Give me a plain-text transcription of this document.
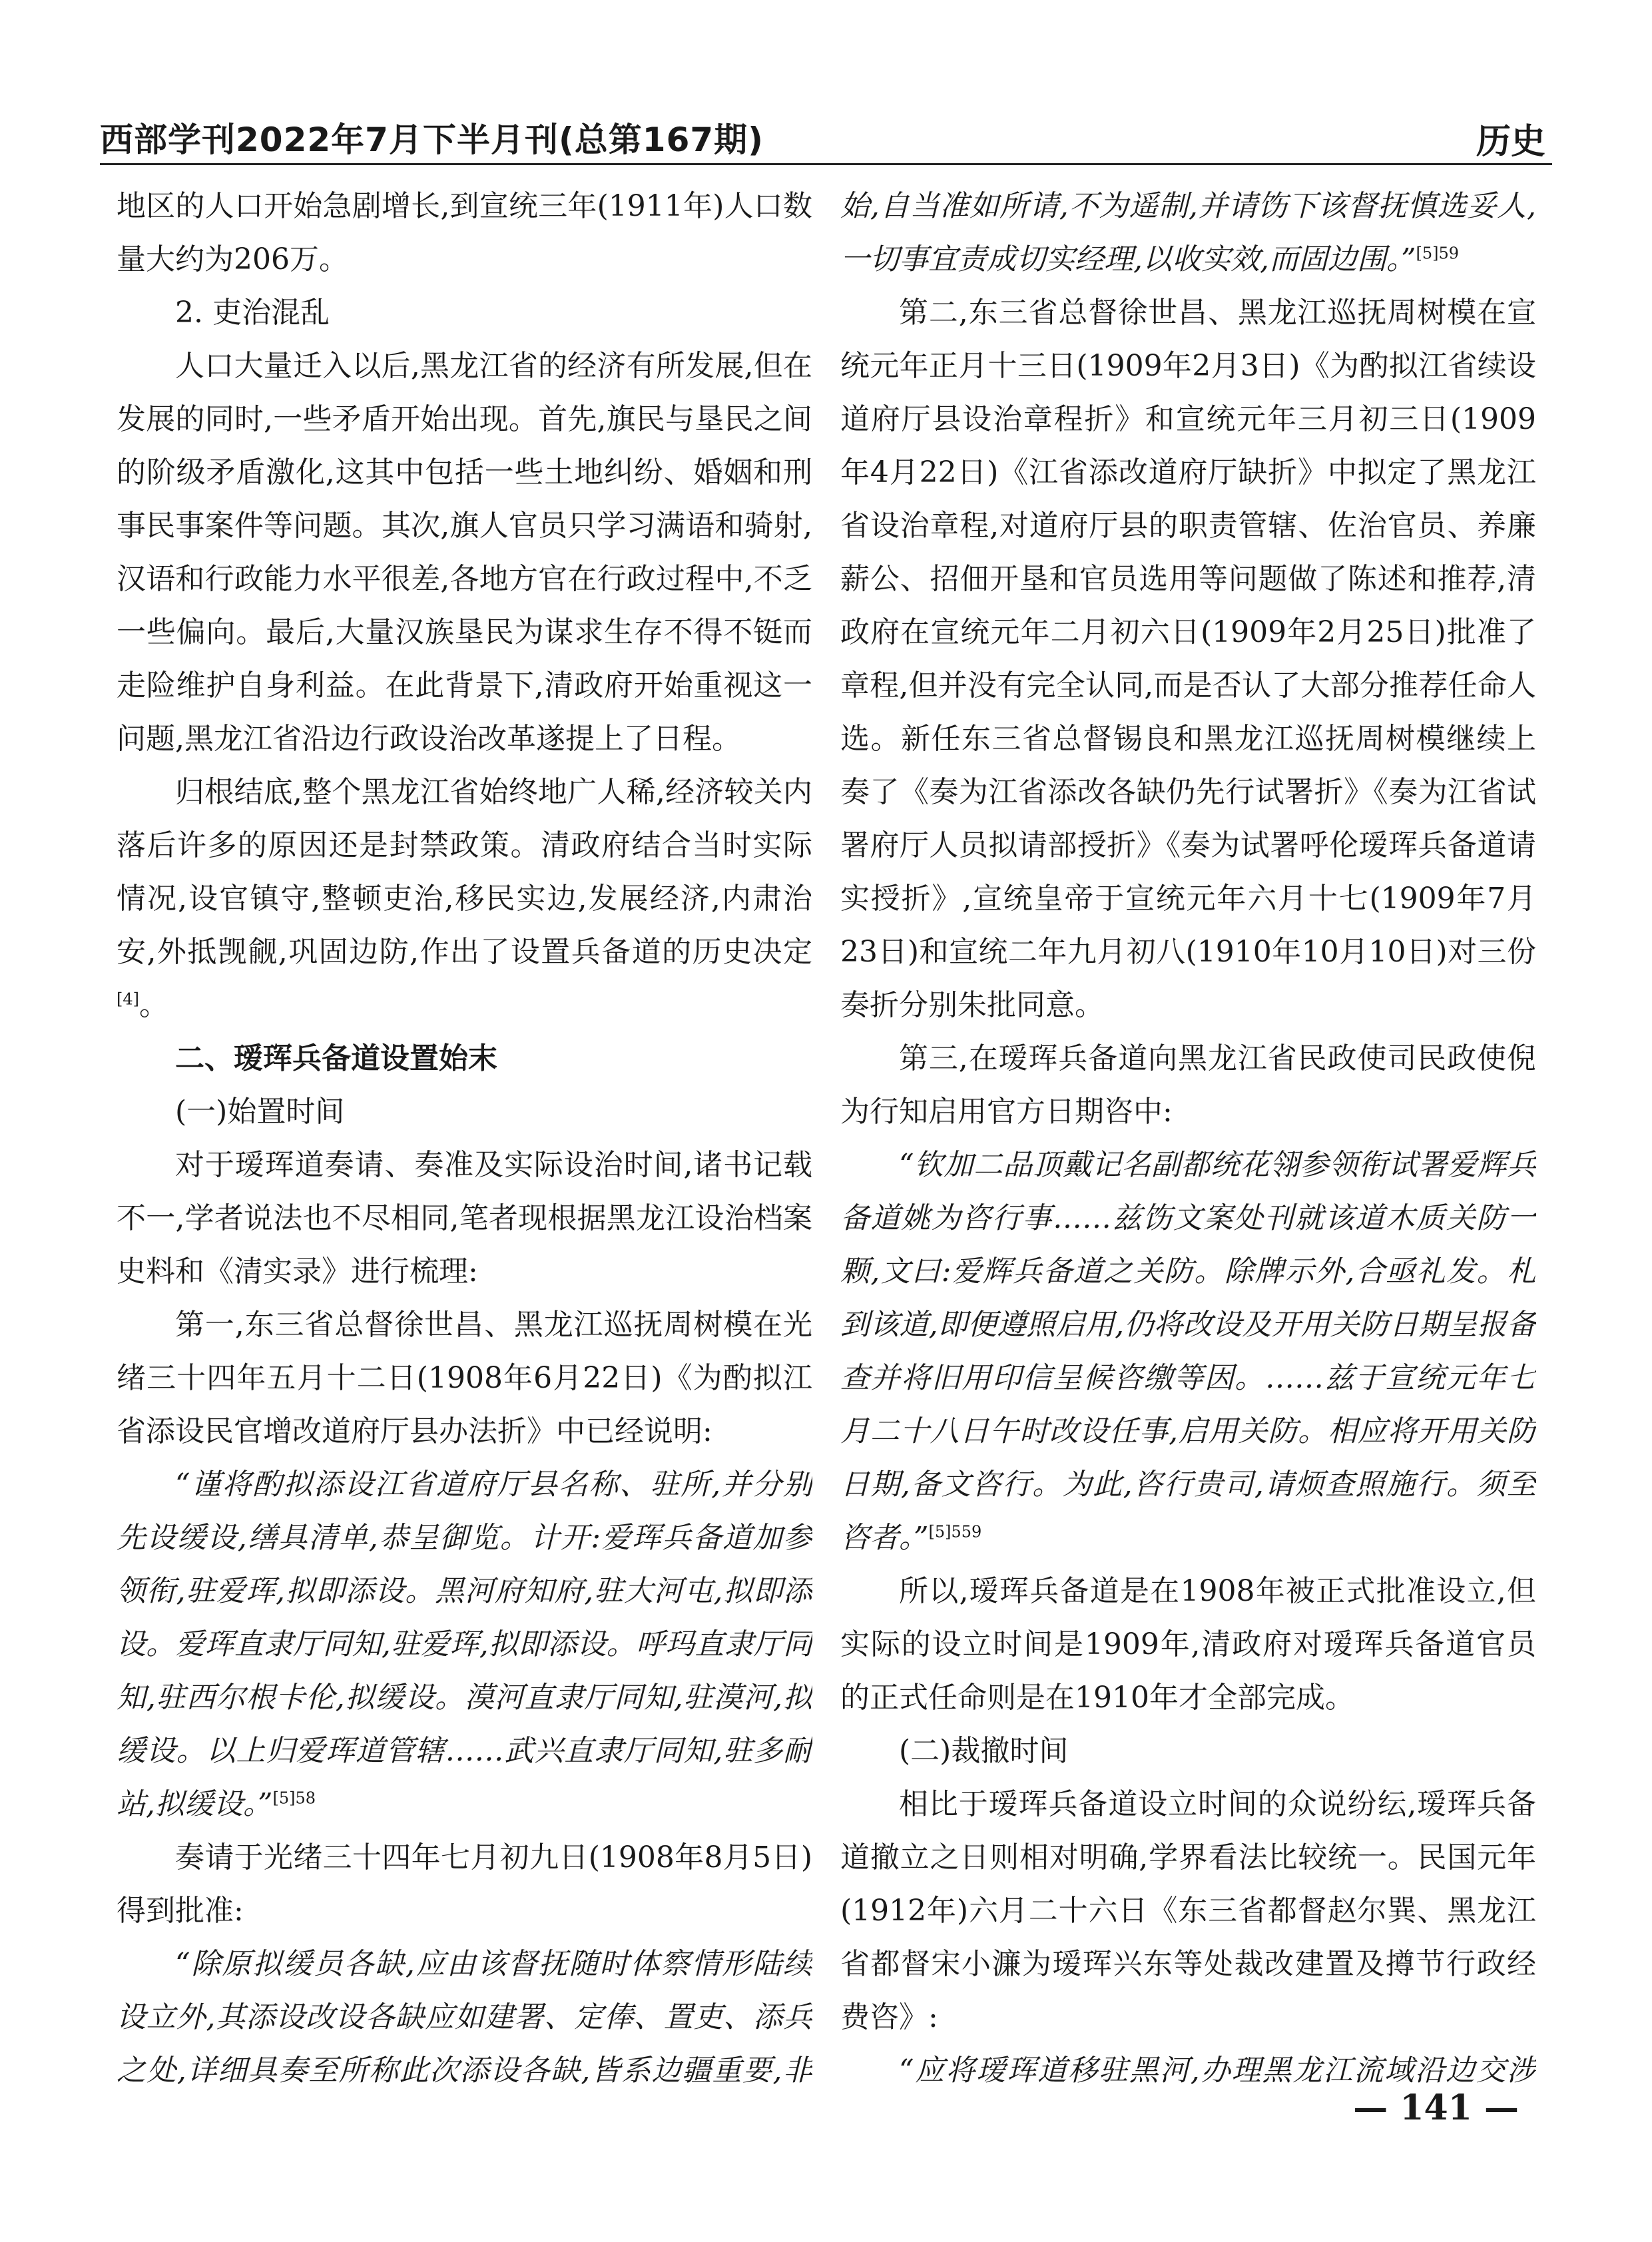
西部学刊2022年7月下半月刊(总第167期)	历史

地区的人口开始急剧增长,到宣统三年(1911年)人口数量大约为206万。

2. 吏治混乱

人口大量迁入以后,黑龙江省的经济有所发展,但在发展的同时,一些矛盾开始出现。首先,旗民与垦民之间的阶级矛盾激化,这其中包括一些土地纠纷、婚姻和刑事民事案件等问题。其次,旗人官员只学习满语和骑射,汉语和行政能力水平很差,各地方官在行政过程中,不乏一些偏向。最后,大量汉族垦民为谋求生存不得不铤而走险维护自身利益。在此背景下,清政府开始重视这一问题,黑龙江省沿边行政设治改革遂提上了日程。

归根结底,整个黑龙江省始终地广人稀,经济较关内落后许多的原因还是封禁政策。清政府结合当时实际情况,设官镇守,整顿吏治,移民实边,发展经济,内肃治安,外抵觊觎,巩固边防,作出了设置兵备道的历史决定[4]。

二、瑷珲兵备道设置始末

(一)始置时间

对于瑷珲道奏请、奏准及实际设治时间,诸书记载不一,学者说法也不尽相同,笔者现根据黑龙江设治档案史料和《清实录》进行梳理:

第一,东三省总督徐世昌、黑龙江巡抚周树模在光绪三十四年五月十二日(1908年6月22日)《为酌拟江省添设民官增改道府厅县办法折》中已经说明:

“谨将酌拟添设江省道府厅县名称、驻所,并分别先设缓设,缮具清单,恭呈御览。计开:爱珲兵备道加参领衔,驻爱珲,拟即添设。黑河府知府,驻大河屯,拟即添设。爱珲直隶厅同知,驻爱珲,拟即添设。呼玛直隶厅同知,驻西尔根卡伦,拟缓设。漠河直隶厅同知,驻漠河,拟缓设。以上归爱珲道管辖……武兴直隶厅同知,驻多耐站,拟缓设。”$^{[5]58}$

奏请于光绪三十四年七月初九日(1908年8月5日)得到批准:

“除原拟缓员各缺,应由该督抚随时体察情形陆续设立外,其添设改设各缺应如建署、定俸、置吏、添兵之处,详细具奏至所称此次添设各缺,皆系边疆重要,非

始,自当准如所请,不为遥制,并请饬下该督抚慎选妥人,一切事宜责成切实经理,以收实效,而固边围。”$^{[5]59}$

第二,东三省总督徐世昌、黑龙江巡抚周树模在宣统元年正月十三日(1909年2月3日)《为酌拟江省续设道府厅县设治章程折》和宣统元年三月初三日(1909年4月22日)《江省添改道府厅缺折》中拟定了黑龙江省设治章程,对道府厅县的职责管辖、佐治官员、养廉薪公、招佃开垦和官员选用等问题做了陈述和推荐,清政府在宣统元年二月初六日(1909年2月25日)批准了章程,但并没有完全认同,而是否认了大部分推荐任命人选。新任东三省总督锡良和黑龙江巡抚周树模继续上奏了《奏为江省添改各缺仍先行试署折》《奏为江省试署府厅人员拟请部授折》《奏为试署呼伦瑷珲兵备道请实授折》,宣统皇帝于宣统元年六月十七(1909年7月23日)和宣统二年九月初八(1910年10月10日)对三份奏折分别朱批同意。

第三,在瑷珲兵备道向黑龙江省民政使司民政使倪为行知启用官方日期咨中:

“钦加二品顶戴记名副都统花翎参领衔试署爱辉兵备道姚为咨行事……兹饬文案处刊就该道木质关防一颗,文曰:爱辉兵备道之关防。除牌示外,合亟礼发。札到该道,即便遵照启用,仍将改设及开用关防日期呈报备查并将旧用印信呈候咨缴等因。……兹于宣统元年七月二十八日午时改设任事,启用关防。相应将开用关防日期,备文咨行。为此,咨行贵司,请烦查照施行。须至咨者。”$^{[5]559}$

所以,瑷珲兵备道是在1908年被正式批准设立,但实际的设立时间是1909年,清政府对瑷珲兵备道官员的正式任命则是在1910年才全部完成。

(二)裁撤时间

相比于瑷珲兵备道设立时间的众说纷纭,瑷珲兵备道撤立之日则相对明确,学界看法比较统一。民国元年(1912年)六月二十六日《东三省都督赵尔巽、黑龙江省都督宋小濂为瑷珲兴东等处裁改建置及撙节行政经费咨》:

“应将瑷珲道移驻黑河,办理黑龙江流域沿边交涉

— 141 —
